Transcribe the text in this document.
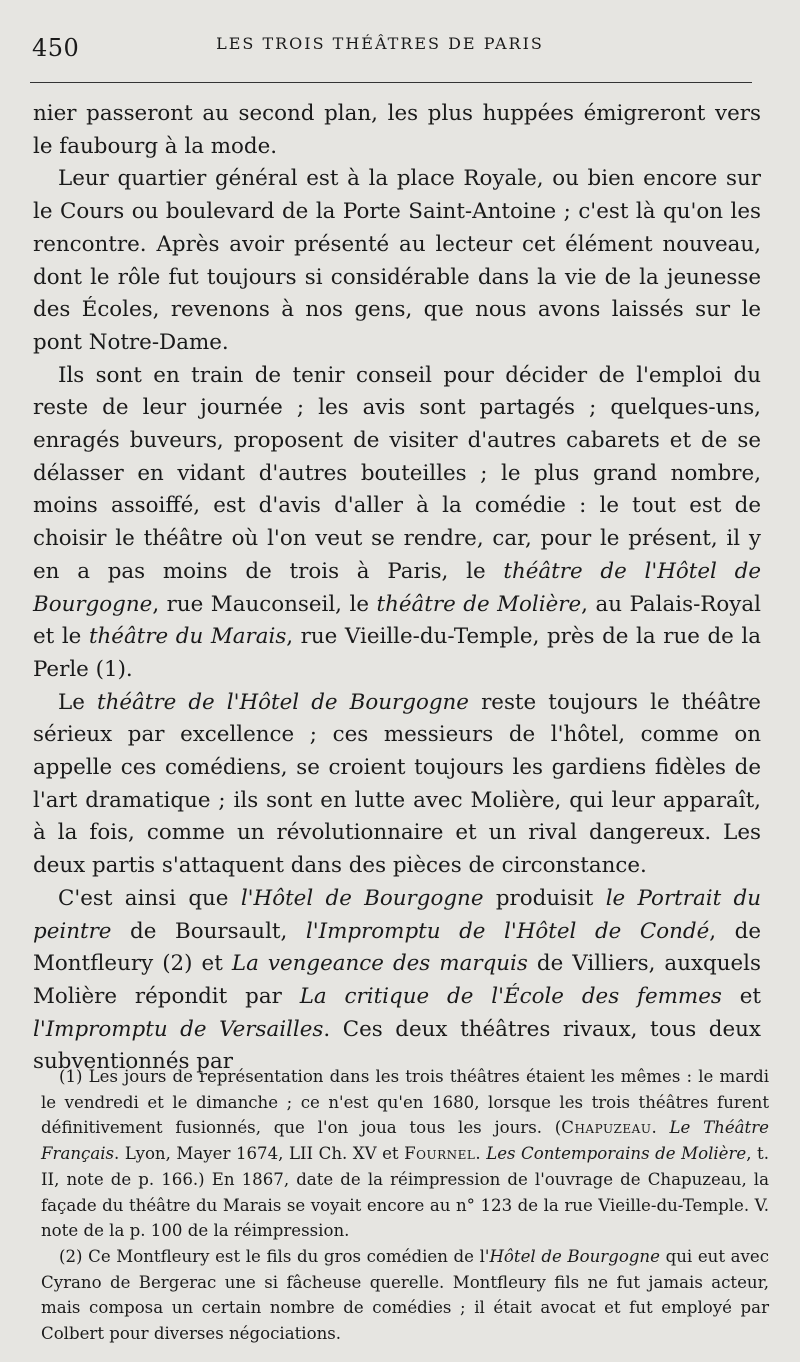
450	LES TROIS THÉÂTRES DE PARIS

nier passeront au second plan, les plus huppées émigreront vers le faubourg à la mode.

Leur quartier général est à la place Royale, ou bien encore sur le Cours ou boulevard de la Porte Saint-Antoine ; c'est là qu'on les rencontre. Après avoir présenté au lecteur cet élément nouveau, dont le rôle fut toujours si considérable dans la vie de la jeunesse des Écoles, revenons à nos gens, que nous avons laissés sur le pont Notre-Dame.

Ils sont en train de tenir conseil pour décider de l'emploi du reste de leur journée ; les avis sont partagés ; quelques-uns, enragés buveurs, proposent de visiter d'autres cabarets et de se délasser en vidant d'autres bouteilles ; le plus grand nombre, moins assoiffé, est d'avis d'aller à la comédie : le tout est de choisir le théâtre où l'on veut se rendre, car, pour le présent, il y en a pas moins de trois à Paris, le théâtre de l'Hôtel de Bourgogne, rue Mauconseil, le théâtre de Molière, au Palais-Royal et le théâtre du Marais, rue Vieille-du-Temple, près de la rue de la Perle (1).

Le théâtre de l'Hôtel de Bourgogne reste toujours le théâtre sérieux par excellence ; ces messieurs de l'hôtel, comme on appelle ces comédiens, se croient toujours les gardiens fidèles de l'art dramatique ; ils sont en lutte avec Molière, qui leur apparaît, à la fois, comme un révolutionnaire et un rival dangereux. Les deux partis s'attaquent dans des pièces de circonstance.

C'est ainsi que l'Hôtel de Bourgogne produisit le Portrait du peintre de Boursault, l'Impromptu de l'Hôtel de Condé, de Montfleury (2) et La vengeance des marquis de Villiers, auxquels Molière répondit par La critique de l'École des femmes et l'Impromptu de Versailles. Ces deux théâtres rivaux, tous deux subventionnés par

(1) Les jours de représentation dans les trois théâtres étaient les mêmes : le mardi le vendredi et le dimanche ; ce n'est qu'en 1680, lorsque les trois théâtres furent définitivement fusionnés, que l'on joua tous les jours. (Chapuzeau. Le Théâtre Français. Lyon, Mayer 1674, LII Ch. XV et Fournel. Les Contemporains de Molière, t. II, note de p. 166.) En 1867, date de la réimpression de l'ouvrage de Chapuzeau, la façade du théâtre du Marais se voyait encore au n° 123 de la rue Vieille-du-Temple. V. note de la p. 100 de la réimpression.

(2) Ce Montfleury est le fils du gros comédien de l'Hôtel de Bourgogne qui eut avec Cyrano de Bergerac une si fâcheuse querelle. Montfleury fils ne fut jamais acteur, mais composa un certain nombre de comédies ; il était avocat et fut employé par Colbert pour diverses négociations.
